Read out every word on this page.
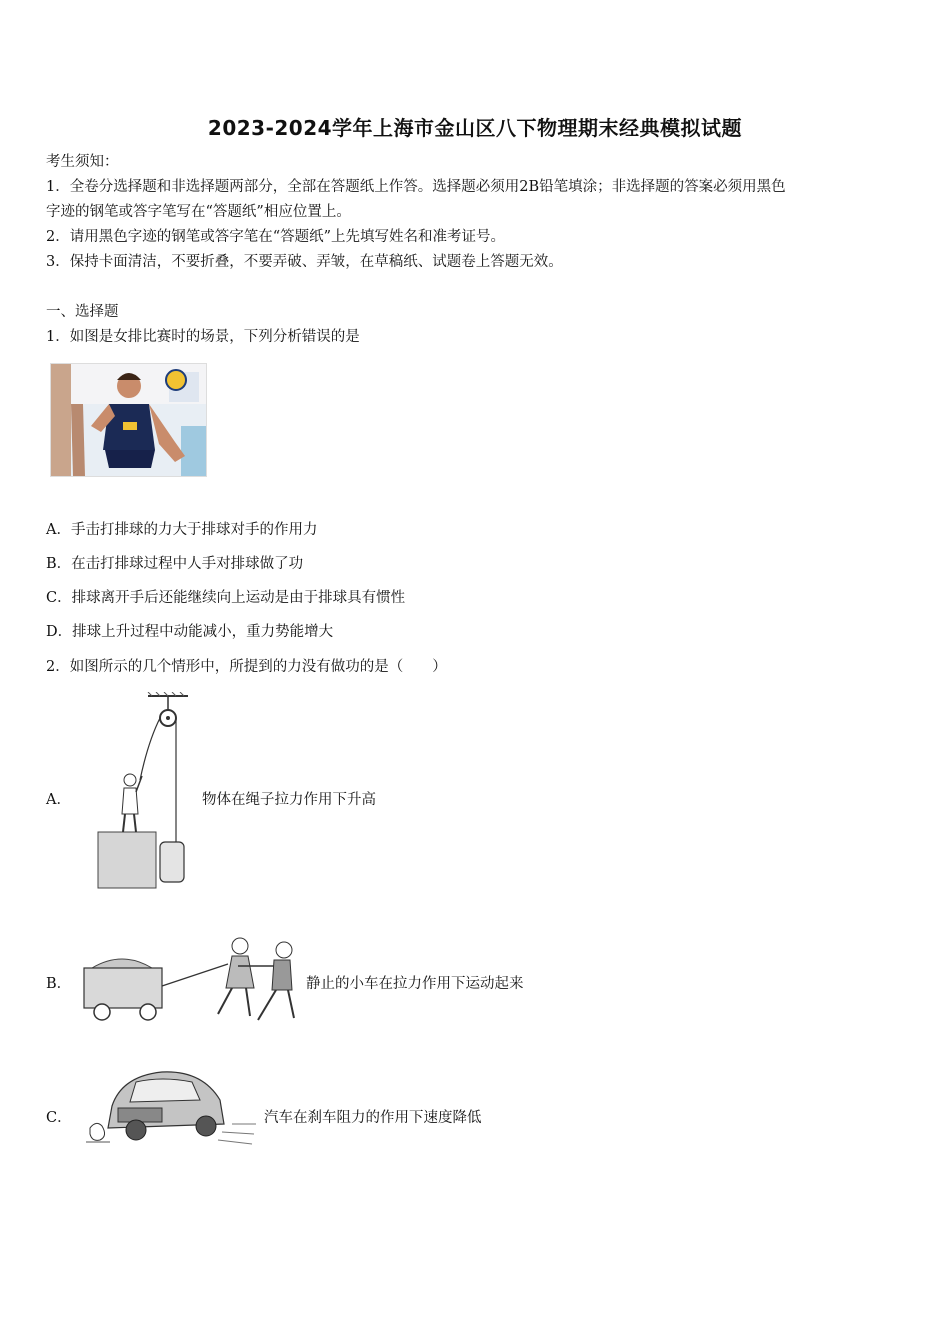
2023-2024学年上海市金山区八下物理期末经典模拟试题
考生须知：
1．全卷分选择题和非选择题两部分，全部在答题纸上作答。选择题必须用2B铅笔填涂；非选择题的答案必须用黑色
字迹的钢笔或答字笔写在“答题纸”相应位置上。
2．请用黑色字迹的钢笔或答字笔在“答题纸”上先填写姓名和准考证号。
3．保持卡面清洁，不要折叠，不要弄破、弄皱，在草稿纸、试题卷上答题无效。
一、选择题
1．如图是女排比赛时的场景，下列分析错误的是
A．手击打排球的力大于排球对手的作用力
B．在击打排球过程中人手对排球做了功
C．排球离开手后还能继续向上运动是由于排球具有惯性
D．排球上升过程中动能减小，重力势能增大
2．如图所示的几个情形中，所提到的力没有做功的是（　　）
A．	物体在绳子拉力作用下升高
B．	静止的小车在拉力作用下运动起来
C．	汽车在刹车阻力的作用下速度降低
